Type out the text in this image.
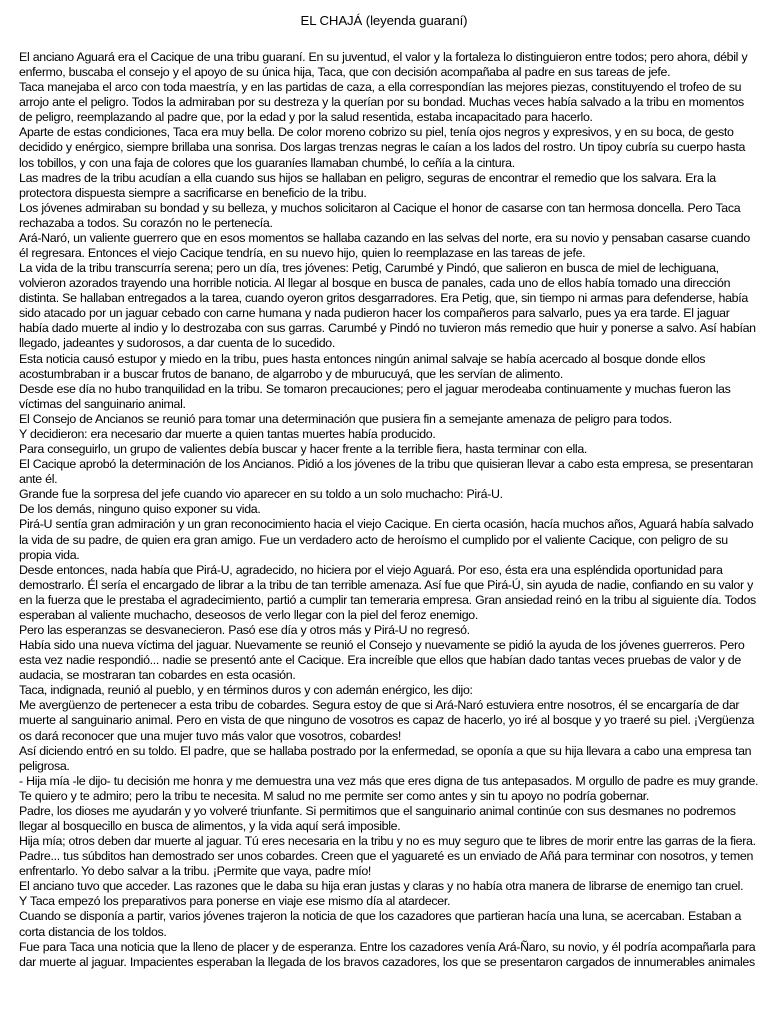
EL CHAJÁ (leyenda guaraní)

El anciano Aguará era el Cacique de una tribu guaraní. En su juventud, el valor y la fortaleza lo distinguieron entre todos; pero ahora, débil y enfermo, buscaba el consejo y el apoyo de su única hija, Taca, que con decisión acompañaba al padre en sus tareas de jefe.

Taca manejaba el arco con toda maestría, y en las partidas de caza, a ella correspondían las mejores piezas, constituyendo el trofeo de su arrojo ante el peligro. Todos la admiraban por su destreza y la querían por su bondad. Muchas veces había salvado a la tribu en momentos de peligro, reemplazando al padre que, por la edad y por la salud resentida, estaba incapacitado para hacerlo.

Aparte de estas condiciones, Taca era muy bella. De color moreno cobrizo su piel, tenía ojos negros y expresivos, y en su boca, de gesto decidido y enérgico, siempre brillaba una sonrisa. Dos largas trenzas negras le caían a los lados del rostro. Un tipoy cubría su cuerpo hasta los tobillos, y con una faja de colores que los guaraníes llamaban chumbé, lo ceñía a la cintura.

Las madres de la tribu acudían a ella cuando sus hijos se hallaban en peligro, seguras de encontrar el remedio que los salvara. Era la protectora dispuesta siempre a sacrificarse en beneficio de la tribu.

Los jóvenes admiraban su bondad y su belleza, y muchos solicitaron al Cacique el honor de casarse con tan hermosa doncella. Pero Taca rechazaba a todos. Su corazón no le pertenecía.

Ará-Naró, un valiente guerrero que en esos momentos se hallaba cazando en las selvas del norte, era su novio y pensaban casarse cuando él regresara. Entonces el viejo Cacique tendría, en su nuevo hijo, quien lo reemplazase en las tareas de jefe.

La vida de la tribu transcurría serena; pero un día, tres jóvenes: Petig, Carumbé y Pindó, que salieron en busca de miel de lechiguana, volvieron azorados trayendo una horrible noticia. Al llegar al bosque en busca de panales, cada uno de ellos había tomado una dirección distinta. Se hallaban entregados a la tarea, cuando oyeron gritos desgarradores. Era Petig, que, sin tiempo ni armas para defenderse, había sido atacado por un jaguar cebado con carne humana y nada pudieron hacer los compañeros para salvarlo, pues ya era tarde. El jaguar había dado muerte al indio y lo destrozaba con sus garras. Carumbé y Pindó no tuvieron más remedio que huir y ponerse a salvo. Así habían llegado, jadeantes y sudorosos, a dar cuenta de lo sucedido.

Esta noticia causó estupor y miedo en la tribu, pues hasta entonces ningún animal salvaje se había acercado al bosque donde ellos acostumbraban ir a buscar frutos de banano, de algarrobo y de mburucuyá, que les servían de alimento.

Desde ese día no hubo tranquilidad en la tribu. Se tomaron precauciones; pero el jaguar merodeaba continuamente y muchas fueron las víctimas del sanguinario animal.

El Consejo de Ancianos se reunió para tomar una determinación que pusiera fin a semejante amenaza de peligro para todos.

Y decidieron: era necesario dar muerte a quien tantas muertes había producido.

Para conseguirlo, un grupo de valientes debía buscar y hacer frente a la terrible fiera, hasta terminar con ella.

El Cacique aprobó la determinación de los Ancianos. Pidió a los jóvenes de la tribu que quisieran llevar a cabo esta empresa, se presentaran ante él.

Grande fue la sorpresa del jefe cuando vio aparecer en su toldo a un solo muchacho: Pirá-U.

De los demás, ninguno quiso exponer su vida.

Pirá-U sentía gran admiración y un gran reconocimiento hacia el viejo Cacique. En cierta ocasión, hacía muchos años, Aguará había salvado la vida de su padre, de quien era gran amigo. Fue un verdadero acto de heroísmo el cumplido por el valiente Cacique, con peligro de su propia vida.

Desde entonces, nada había que Pirá-U, agradecido, no hiciera por el viejo Aguará. Por eso, ésta era una espléndida oportunidad para demostrarlo. Él sería el encargado de librar a la tribu de tan terrible amenaza. Así fue que Pirá-Ú, sin ayuda de nadie, confiando en su valor y en la fuerza que le prestaba el agradecimiento, partió a cumplir tan temeraria empresa. Gran ansiedad reinó en la tribu al siguiente día. Todos esperaban al valiente muchacho, deseosos de verlo llegar con la piel del feroz enemigo.

Pero las esperanzas se desvanecieron. Pasó ese día y otros más y Pirá-U no regresó.

Había sido una nueva víctima del jaguar. Nuevamente se reunió el Consejo y nuevamente se pidió la ayuda de los jóvenes guerreros. Pero esta vez nadie respondió... nadie se presentó ante el Cacique. Era increíble que ellos que habían dado tantas veces pruebas de valor y de audacia, se mostraran tan cobardes en esta ocasión.

Taca, indignada, reunió al pueblo, y en términos duros y con ademán enérgico, les dijo:

Me avergüenzo de pertenecer a esta tribu de cobardes. Segura estoy de que si Ará-Naró estuviera entre nosotros, él se encargaría de dar muerte al sanguinario animal. Pero en vista de que ninguno de vosotros es capaz de hacerlo, yo iré al bosque y yo traeré su piel. ¡Vergüenza os dará reconocer que una mujer tuvo más valor que vosotros, cobardes!

Así diciendo entró en su toldo. El padre, que se hallaba postrado por la enfermedad, se oponía a que su hija llevara a cabo una empresa tan peligrosa.

- Hija mía -le dijo- tu decisión me honra y me demuestra una vez más que eres digna de tus antepasados. M orgullo de padre es muy grande. Te quiero y te admiro; pero la tribu te necesita. M salud no me permite ser como antes y sin tu apoyo no podría gobernar.

Padre, los dioses me ayudarán y yo volveré triunfante. Si permitimos que el sanguinario animal continúe con sus desmanes no podremos llegar al bosquecillo en busca de alimentos, y la vida aquí será imposible.

Hija mía; otros deben dar muerte al jaguar. Tú eres necesaria en la tribu y no es muy seguro que te libres de morir entre las garras de la fiera.

Padre... tus súbditos han demostrado ser unos cobardes. Creen que el yaguareté es un enviado de Añá para terminar con nosotros, y temen enfrentarlo. Yo debo salvar a la tribu. ¡Permite que vaya, padre mío!

El anciano tuvo que acceder. Las razones que le daba su hija eran justas y claras y no había otra manera de librarse de enemigo tan cruel.

Y Taca empezó los preparativos para ponerse en viaje ese mismo día al atardecer.

Cuando se disponía a partir, varios jóvenes trajeron la noticia de que los cazadores que partieran hacía una luna, se acercaban. Estaban a corta distancia de los toldos.

Fue para Taca una noticia que la lleno de placer y de esperanza. Entre los cazadores venía Ará-Ñaro, su novio, y él podría acompañarla para dar muerte al jaguar. Impacientes esperaban la llegada de los bravos cazadores, los que se presentaron cargados de innumerables animales
